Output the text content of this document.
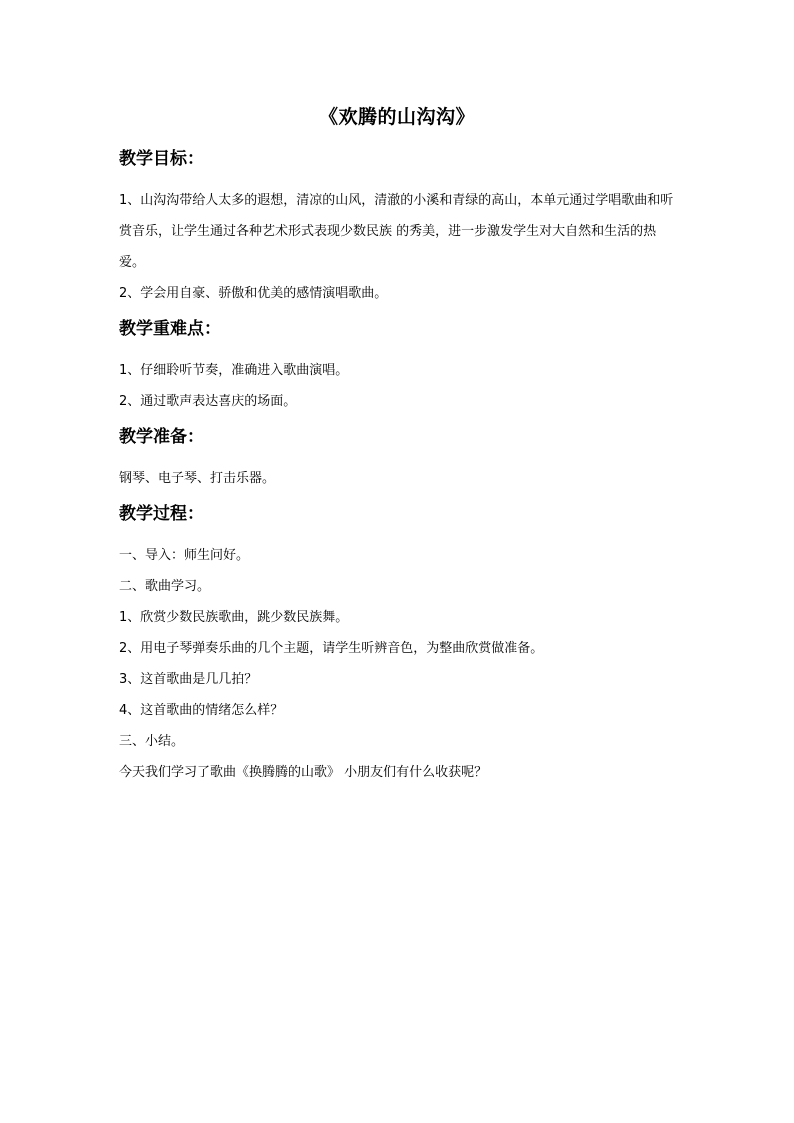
《欢腾的山沟沟》
教学目标：

1、山沟沟带给人太多的遐想，清凉的山风，清澈的小溪和青绿的高山，本单元通过学唱歌曲和听赏音乐，让学生通过各种艺术形式表现少数民族 的秀美，进一步激发学生对大自然和生活的热爱。

2、学会用自豪、骄傲和优美的感情演唱歌曲。

教学重难点：

1、仔细聆听节奏，准确进入歌曲演唱。

2、通过歌声表达喜庆的场面。

教学准备：

钢琴、电子琴、打击乐器。

教学过程：

一、导入：师生问好。

二、歌曲学习。

1、欣赏少数民族歌曲，跳少数民族舞。

2、用电子琴弹奏乐曲的几个主题，请学生听辨音色，为整曲欣赏做准备。

3、这首歌曲是几几拍？

4、这首歌曲的情绪怎么样？

三、小结。

今天我们学习了歌曲《换腾腾的山歌》 小朋友们有什么收获呢？
